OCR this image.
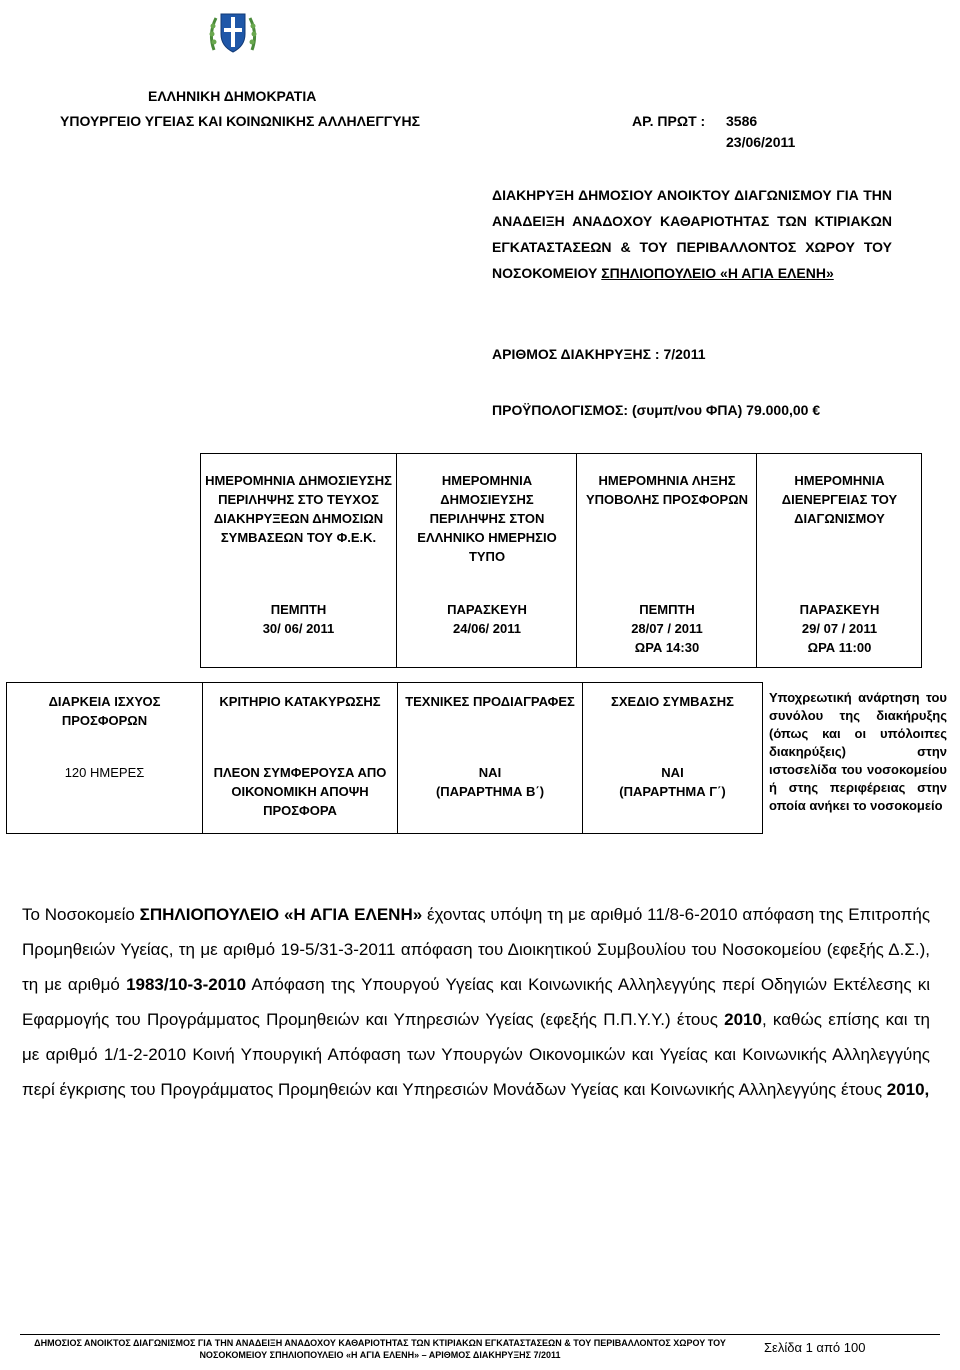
ΕΛΛΗΝΙΚΗ ΔΗΜΟΚΡΑΤΙΑ
ΥΠΟΥΡΓΕΙΟ ΥΓΕΙΑΣ ΚΑΙ ΚΟΙΝΩΝΙΚΗΣ ΑΛΛΗΛΕΓΓΥΗΣ	ΑΡ. ΠΡΩΤ : 3586
23/06/2011
ΔΙΑΚΗΡΥΞΗ ΔΗΜΟΣΙΟΥ ΑΝΟΙΚΤΟΥ ΔΙΑΓΩΝΙΣΜΟΥ ΓΙΑ ΤΗΝ ΑΝΑΔΕΙΞΗ ΑΝΑΔΟΧΟΥ ΚΑΘΑΡΙΟΤΗΤΑΣ ΤΩΝ ΚΤΙΡΙΑΚΩΝ ΕΓΚΑΤΑΣΤΑΣΕΩΝ & ΤΟΥ ΠΕΡΙΒΑΛΛΟΝΤΟΣ ΧΩΡΟΥ ΤΟΥ ΝΟΣΟΚΟΜΕΙΟΥ ΣΠΗΛΙΟΠΟΥΛΕΙΟ «Η ΑΓΙΑ ΕΛΕΝΗ»
ΑΡΙΘΜΟΣ ΔΙΑΚΗΡΥΞΗΣ : 7/2011
ΠΡΟΫΠΟΛΟΓΙΣΜΟΣ: (συμπ/νου ΦΠΑ) 79.000,00 €
ΗΜΕΡΟΜΗΝΙΑ ΔΗΜΟΣΙΕΥΣΗΣ ΠΕΡΙΛΗΨΗΣ ΣΤΟ ΤΕΥΧΟΣ ΔΙΑΚΗΡΥΞΕΩΝ ΔΗΜΟΣΙΩΝ ΣΥΜΒΑΣΕΩΝ ΤΟΥ Φ.Ε.Κ.
ΠΕΜΠΤΗ
30/ 06/ 2011
ΗΜΕΡΟΜΗΝΙΑ ΔΗΜΟΣΙΕΥΣΗΣ ΠΕΡΙΛΗΨΗΣ ΣΤΟΝ ΕΛΛΗΝΙΚΟ ΗΜΕΡΗΣΙΟ ΤΥΠΟ
ΠΑΡΑΣΚΕΥΗ
24/06/ 2011
ΗΜΕΡΟΜΗΝΙΑ ΛΗΞΗΣ ΥΠΟΒΟΛΗΣ ΠΡΟΣΦΟΡΩΝ
ΠΕΜΠΤΗ
28/07 / 2011
ΩΡΑ 14:30
ΗΜΕΡΟΜΗΝΙΑ ΔΙΕΝΕΡΓΕΙΑΣ ΤΟΥ ΔΙΑΓΩΝΙΣΜΟΥ
ΠΑΡΑΣΚΕΥΗ
29/ 07 / 2011
ΩΡΑ 11:00
ΔΙΑΡΚΕΙΑ ΙΣΧΥΟΣ ΠΡΟΣΦΟΡΩΝ
120 ΗΜΕΡΕΣ
ΚΡΙΤΗΡΙΟ ΚΑΤΑΚΥΡΩΣΗΣ
ΠΛΕΟΝ ΣΥΜΦΕΡΟΥΣΑ ΑΠΟ ΟΙΚΟΝΟΜΙΚΗ ΑΠΟΨΗ ΠΡΟΣΦΟΡΑ
ΤΕΧΝΙΚΕΣ ΠΡΟΔΙΑΓΡΑΦΕΣ
ΝΑΙ
(ΠΑΡΑΡΤΗΜΑ Β΄)
ΣΧΕΔΙΟ ΣΥΜΒΑΣΗΣ
ΝΑΙ
(ΠΑΡΑΡΤΗΜΑ Γ΄)
Υποχρεωτική ανάρτηση του συνόλου της διακήρυξης (όπως και οι υπόλοιπες διακηρύξεις) στην ιστοσελίδα του νοσοκομείου ή στης περιφέρειας στην οποία ανήκει το νοσοκομείο
Το Νοσοκομείο ΣΠΗΛΙΟΠΟΥΛΕΙΟ «Η ΑΓΙΑ ΕΛΕΝΗ» έχοντας υπόψη τη με αριθμό 11/8-6-2010 απόφαση της Επιτροπής Προμηθειών Υγείας, τη με αριθμό 19-5/31-3-2011 απόφαση του Διοικητικού Συμβουλίου του Νοσοκομείου (εφεξής Δ.Σ.), τη με αριθμό 1983/10-3-2010 Απόφαση της Υπουργού Υγείας και Κοινωνικής Αλληλεγγύης περί Οδηγιών Εκτέλεσης κι Εφαρμογής του Προγράμματος Προμηθειών και Υπηρεσιών Υγείας (εφεξής Π.Π.Υ.Υ.) έτους 2010, καθώς επίσης και τη με αριθμό 1/1-2-2010 Κοινή Υπουργική Απόφαση των Υπουργών Οικονομικών και Υγείας και Κοινωνικής Αλληλεγγύης περί έγκρισης του Προγράμματος Προμηθειών και Υπηρεσιών Μονάδων Υγείας και Κοινωνικής Αλληλεγγύης έτους 2010,
ΔΗΜΟΣΙΟΣ ΑΝΟΙΚΤΟΣ ΔΙΑΓΩΝΙΣΜΟΣ ΓΙΑ ΤΗΝ ΑΝΑΔΕΙΞΗ ΑΝΑΔΟΧΟΥ ΚΑΘΑΡΙΟΤΗΤΑΣ ΤΩΝ ΚΤΙΡΙΑΚΩΝ ΕΓΚΑΤΑΣΤΑΣΕΩΝ & ΤΟΥ ΠΕΡΙΒΑΛΛΟΝΤΟΣ ΧΩΡΟΥ ΤΟΥ
ΝΟΣΟΚΟΜΕΙΟΥ ΣΠΗΛΙΟΠΟΥΛΕΙΟ «Η ΑΓΙΑ ΕΛΕΝΗ» – ΑΡΙΘΜΟΣ ΔΙΑΚΗΡΥΞΗΣ 7/2011	Σελίδα 1 από 100
